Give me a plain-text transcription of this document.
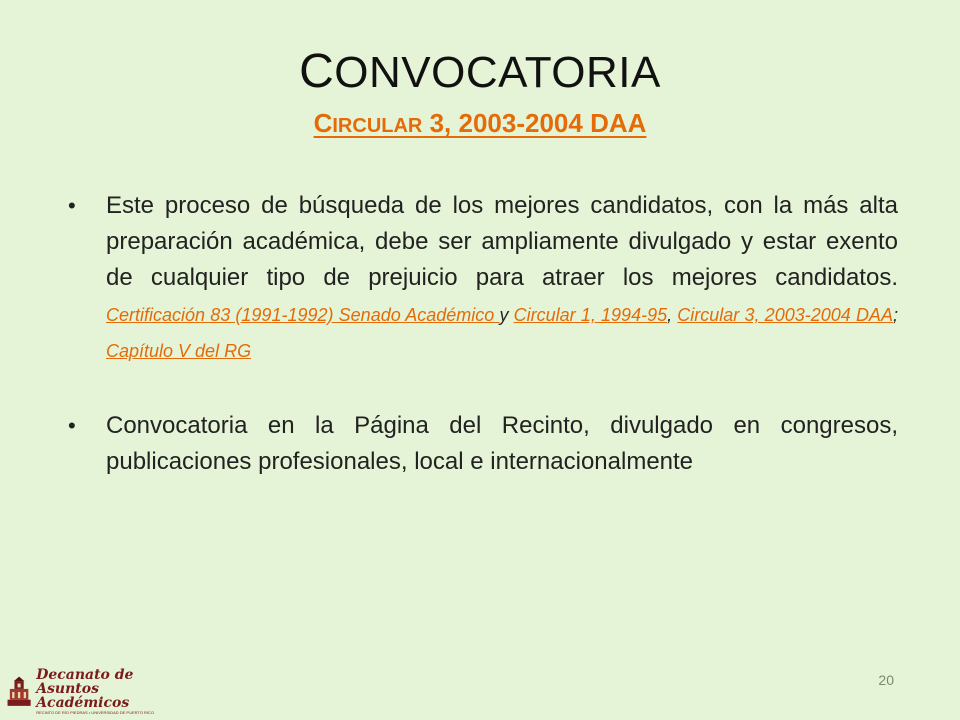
CONVOCATORIA
CIRCULAR 3, 2003-2004 DAA
• Este proceso de búsqueda de los mejores candidatos, con la más alta preparación académica, debe ser ampliamente divulgado y estar exento de cualquier tipo de prejuicio para atraer los mejores candidatos. Certificación 83 (1991-1992) Senado Académico y Circular 1, 1994-95, Circular 3, 2003-2004 DAA; Capítulo V del RG
• Convocatoria en la Página del Recinto, divulgado en congresos, publicaciones profesionales, local e internacionalmente
20
Decanato de
Asuntos Académicos
RECINTO DE RÍO PIEDRAS • UNIVERSIDAD DE PUERTO RICO
